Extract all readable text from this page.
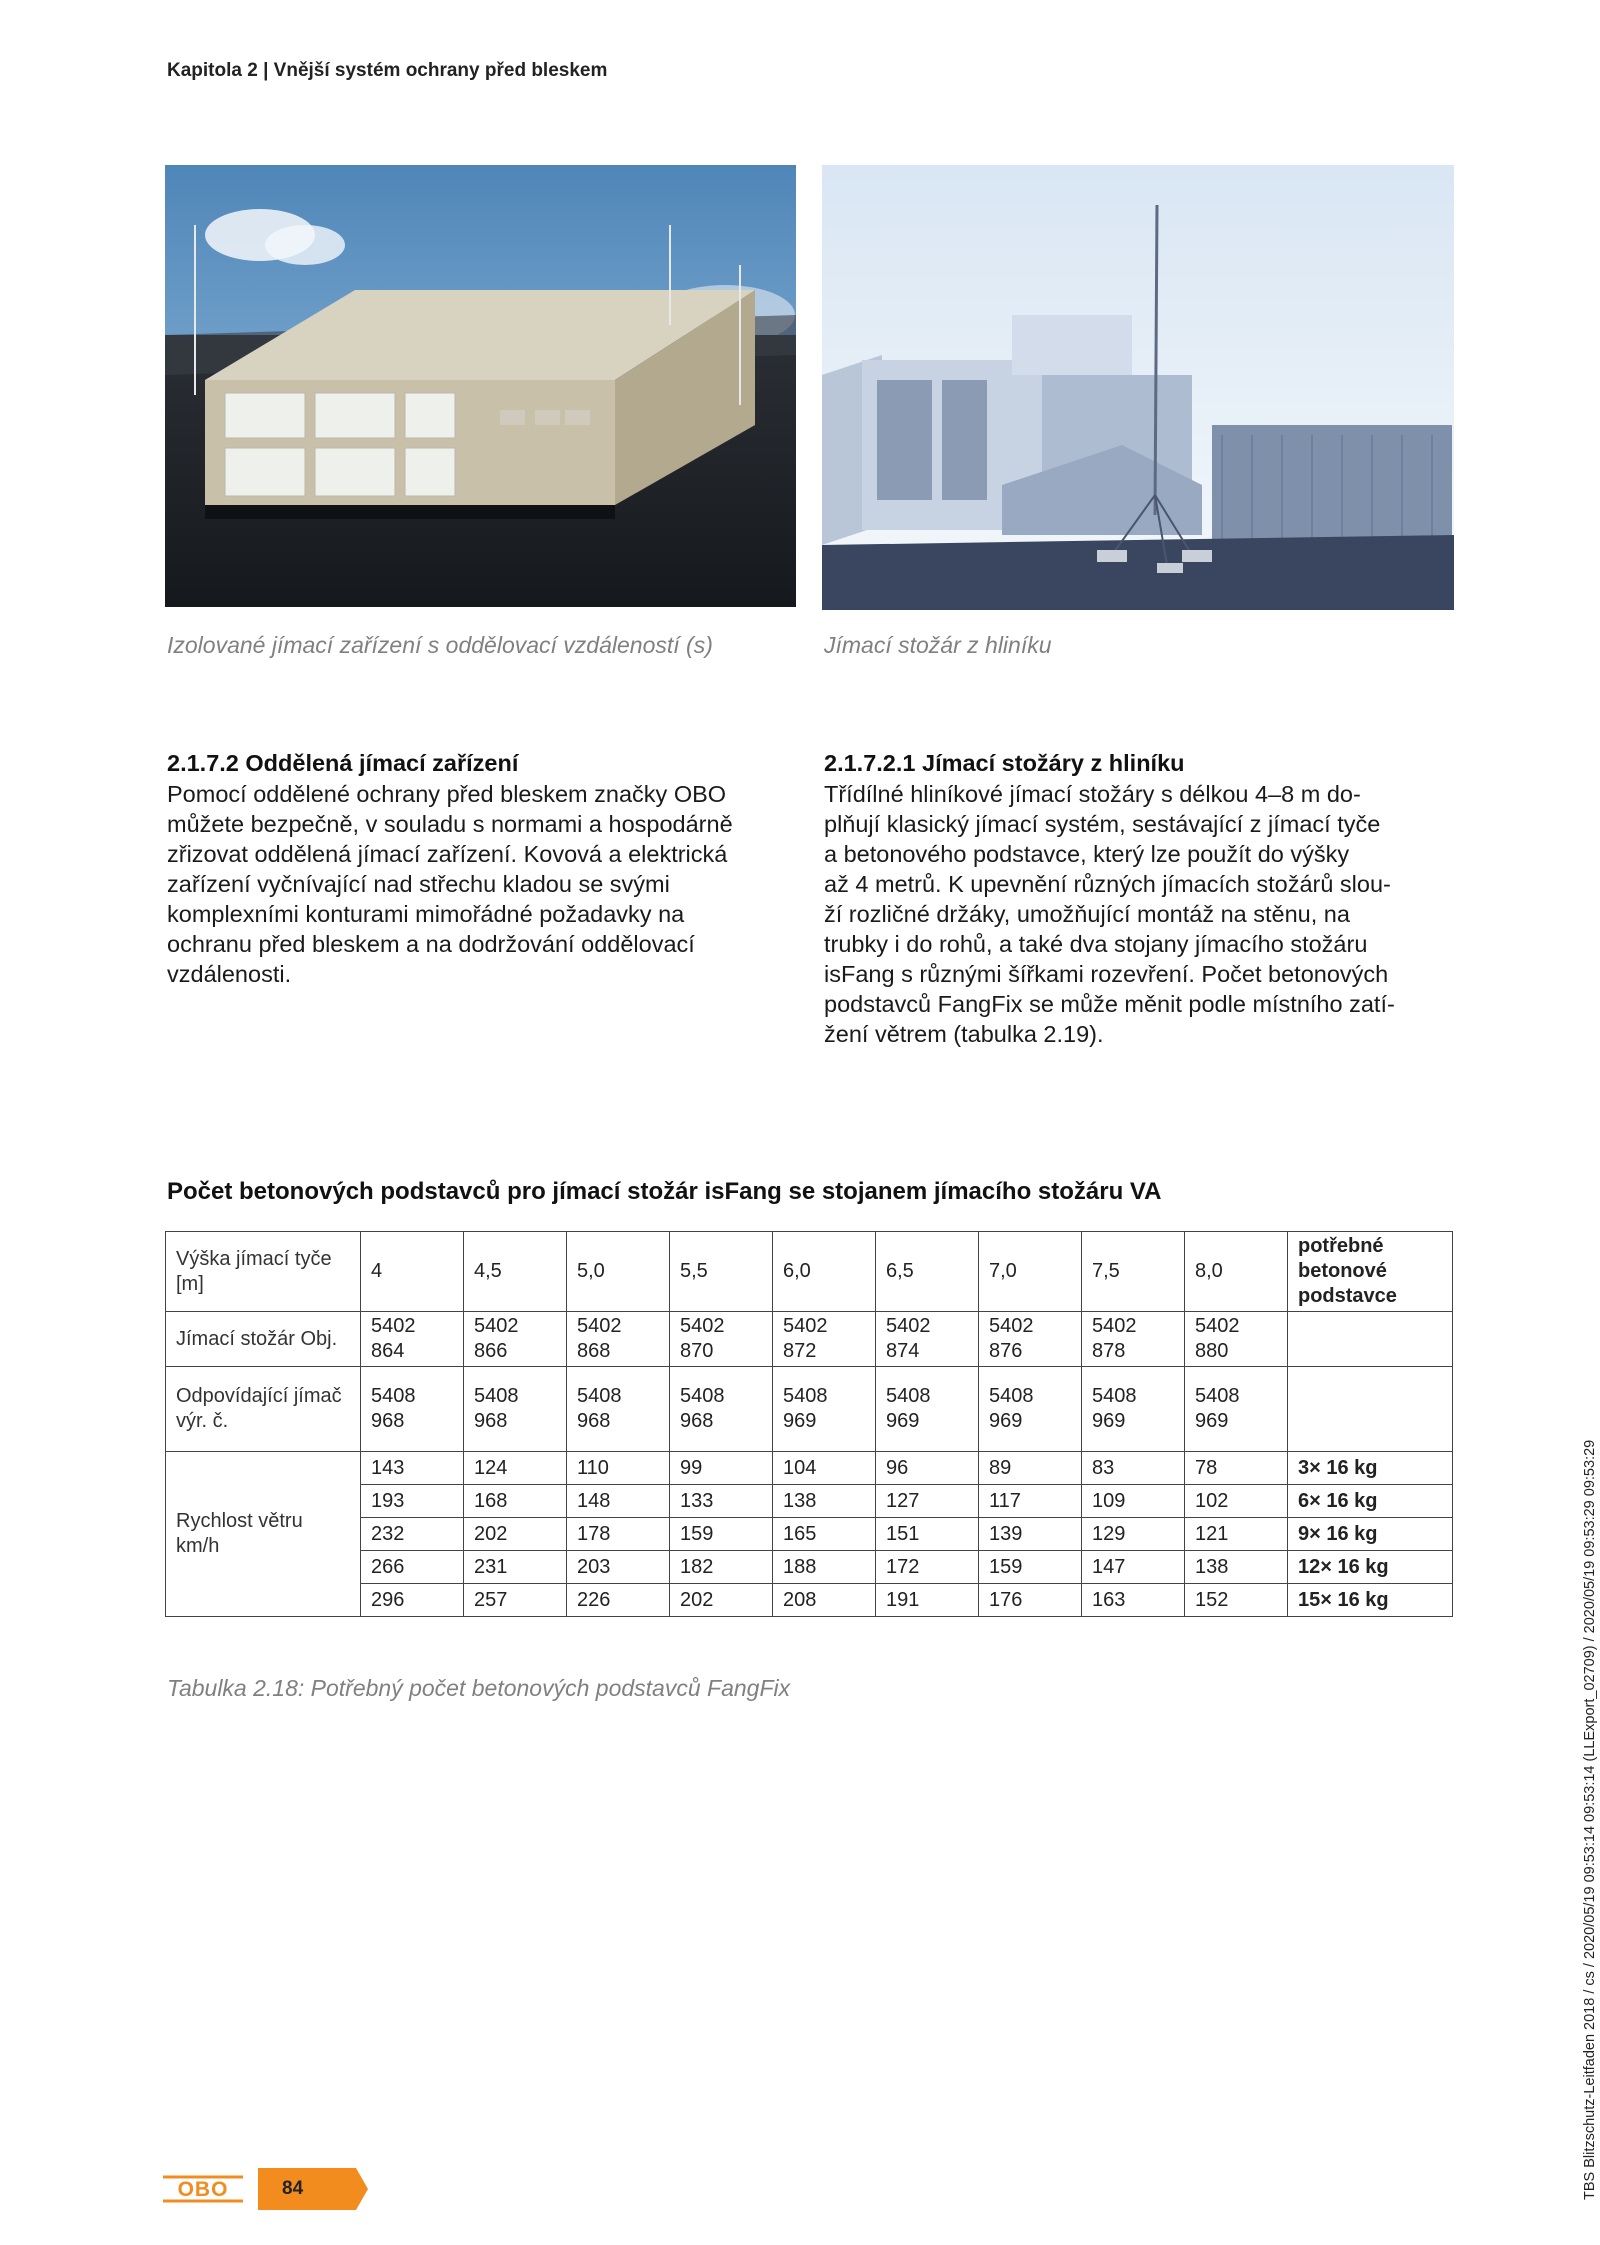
Kapitola 2 | Vnější systém ochrany před bleskem
Izolované jímací zařízení s oddělovací vzdáleností (s)	Jímací stožár z hliníku
2.1.7.2 Oddělená jímací zařízení
Pomocí oddělené ochrany před bleskem značky OBO
můžete bezpečně, v souladu s normami a hospodárně
zřizovat oddělená jímací zařízení. Kovová a elektrická
zařízení vyčnívající nad střechu kladou se svými
komplexními konturami mimořádné požadavky na
ochranu před bleskem a na dodržování oddělovací
vzdálenosti.
2.1.7.2.1 Jímací stožáry z hliníku
Třídílné hliníkové jímací stožáry s délkou 4–8 m do-
plňují klasický jímací systém, sestávající z jímací tyče
a betonového podstavce, který lze použít do výšky
až 4 metrů. K upevnění různých jímacích stožárů slou-
ží rozličné držáky, umožňující montáž na stěnu, na
trubky i do rohů, a také dva stojany jímacího stožáru
isFang s různými šířkami rozevření. Počet betonových
podstavců FangFix se může měnit podle místního zatí-
žení větrem (tabulka 2.19).
Počet betonových podstavců pro jímací stožár isFang se stojanem jímacího stožáru VA
Výška jímací tyče [m]	4	4,5	5,0	5,5	6,0	6,5	7,0	7,5	8,0	potřebné betonové podstavce
Jímací stožár Obj.	5402 864	5402 866	5402 868	5402 870	5402 872	5402 874	5402 876	5402 878	5402 880	
Odpovídající jímač výr. č.	5408 968	5408 968	5408 968	5408 968	5408 969	5408 969	5408 969	5408 969	5408 969	
Rychlost větru km/h	143	124	110	99	104	96	89	83	78	3× 16 kg
	193	168	148	133	138	127	117	109	102	6× 16 kg
	232	202	178	159	165	151	139	129	121	9× 16 kg
	266	231	203	182	188	172	159	147	138	12× 16 kg
	296	257	226	202	208	191	176	163	152	15× 16 kg
Tabulka 2.18: Potřebný počet betonových podstavců FangFix	TBS Blitzschutz-Leitfaden 2018 / cs / 2020/05/19 09:53:14 09:53:14 (LLExport_02709) / 2020/05/19 09:53:29 09:53:29
OBO	84
